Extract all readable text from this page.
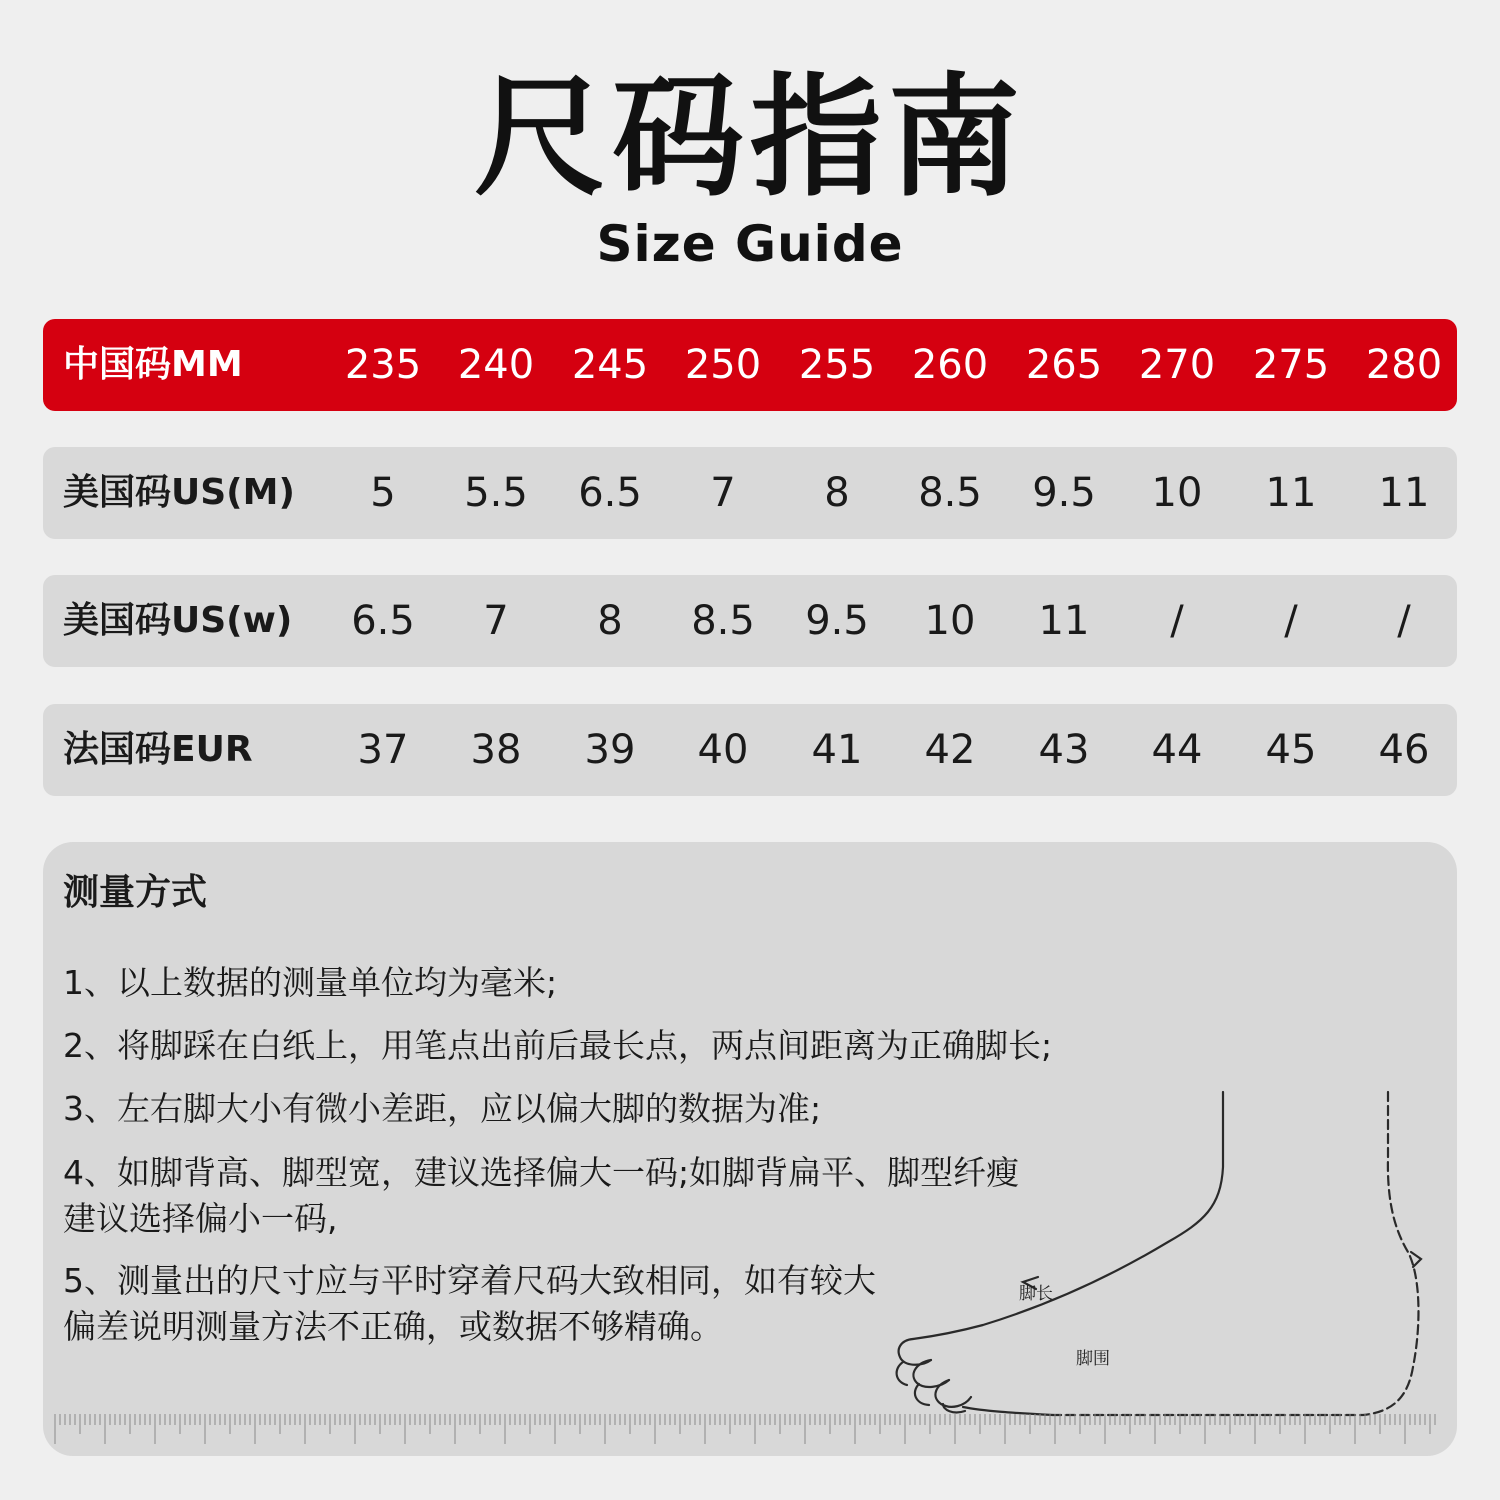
尺码指南
Size Guide
中国码MM	235 240 245 250 255 260 265 270 275 280
美国码US(M)	5	5.5	6.5	7	8	8.5	9.5	10	11	11
美国码US(w)	6.5	7	8	8.5	9.5	10	11	/	/	/
法国码EUR	37	38	39	40	41	42	43	44	45	46
测量方式
1、以上数据的测量单位均为毫米;
2、将脚踩在白纸上，用笔点出前后最长点，两点间距离为正确脚长;
3、左右脚大小有微小差距，应以偏大脚的数据为准;
4、如脚背高、脚型宽，建议选择偏大一码;如脚背扁平、脚型纤瘦
建议选择偏小一码,
5、测量出的尺寸应与平时穿着尺码大致相同，如有较大
偏差说明测量方法不正确，或数据不够精确。
脚长
脚围
